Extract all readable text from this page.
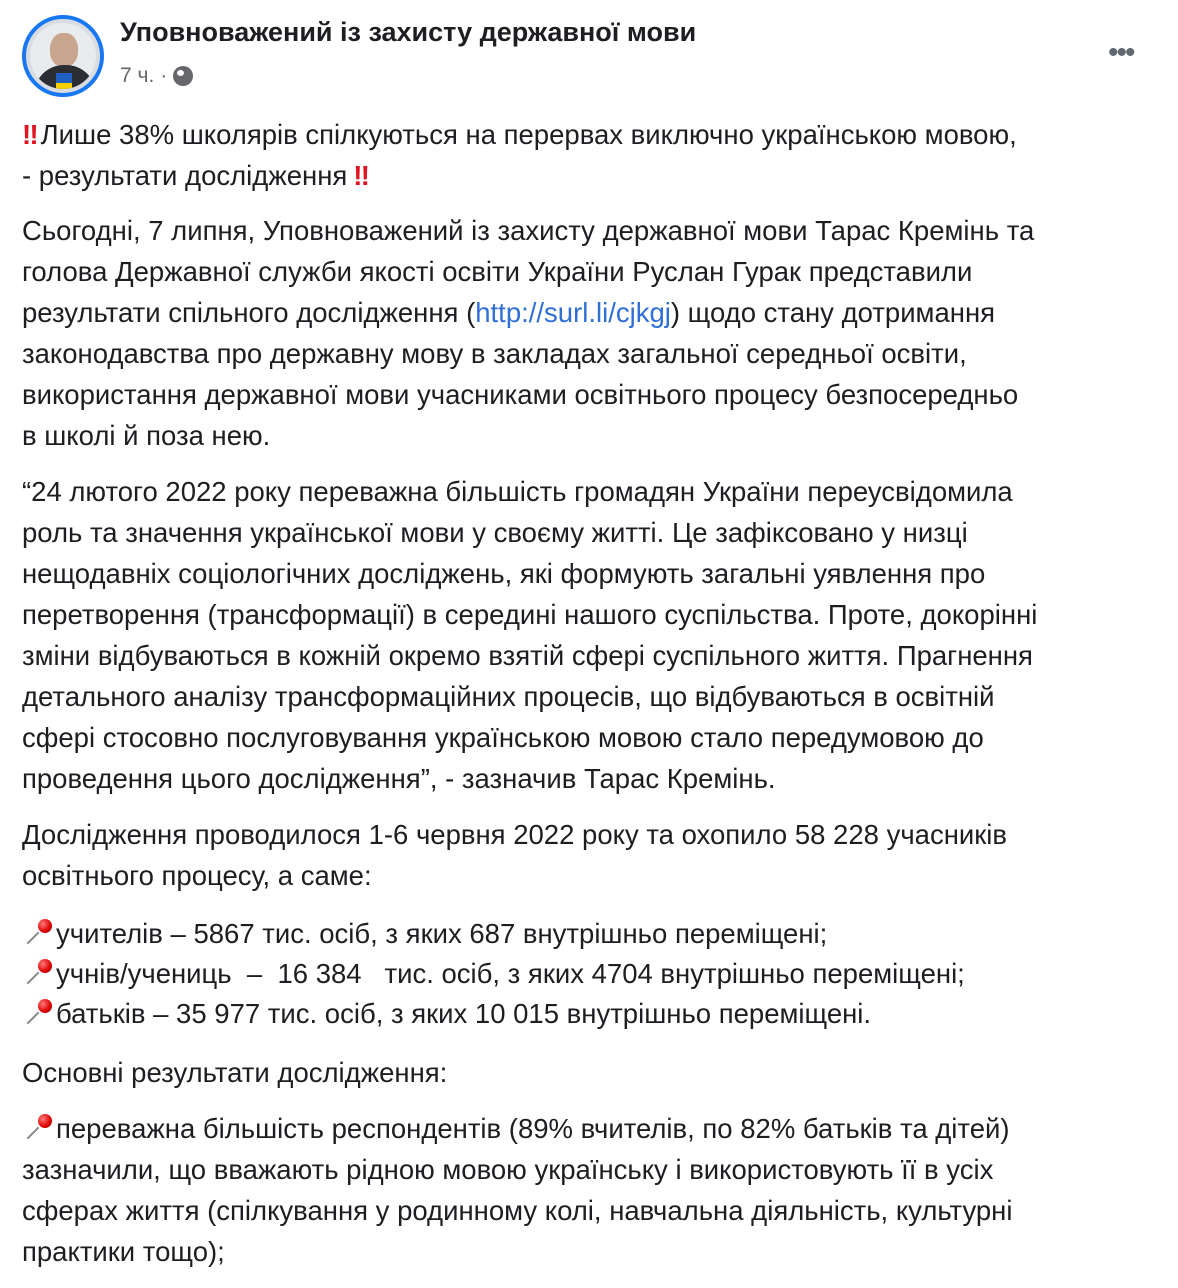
Уповноважений із захисту державної мови
7 ч. ·
•••

‼ Лише 38% школярів спілкуються на перервах виключно українською мовою,
- результати дослідження ‼

Сьогодні, 7 липня, Уповноважений із захисту державної мови Тарас Кремінь та
голова Державної служби якості освіти України Руслан Гурак представили
результати спільного дослідження (http://surl.li/cjkgj) щодо стану дотримання
законодавства про державну мову в закладах загальної середньої освіти,
використання державної мови учасниками освітнього процесу безпосередньо
в школі й поза нею.

“24 лютого 2022 року переважна більшість громадян України переусвідомила
роль та значення української мови у своєму житті. Це зафіксовано у низці
нещодавніх соціологічних досліджень, які формують загальні уявлення про
перетворення (трансформації) в середині нашого суспільства. Проте, докорінні
зміни відбуваються в кожній окремо взятій сфері суспільного життя. Прагнення
детального аналізу трансформаційних процесів, що відбуваються в освітній
сфері стосовно послуговування українською мовою стало передумовою до
проведення цього дослідження”, - зазначив Тарас Кремінь.

Дослідження проводилося 1-6 червня 2022 року та охопило 58 228 учасників
освітнього процесу, а саме:

учителів – 5867 тис. осіб, з яких 687 внутрішньо переміщені;
учнів/учениць  –  16 384   тис. осіб, з яких 4704 внутрішньо переміщені;
батьків – 35 977 тис. осіб, з яких 10 015 внутрішньо переміщені.

Основні результати дослідження:

переважна більшість респондентів (89% вчителів, по 82% батьків та дітей)
зазначили, що вважають рідною мовою українську і використовують її в усіх
сферах життя (спілкування у родинному колі, навчальна діяльність, культурні
практики тощо);
